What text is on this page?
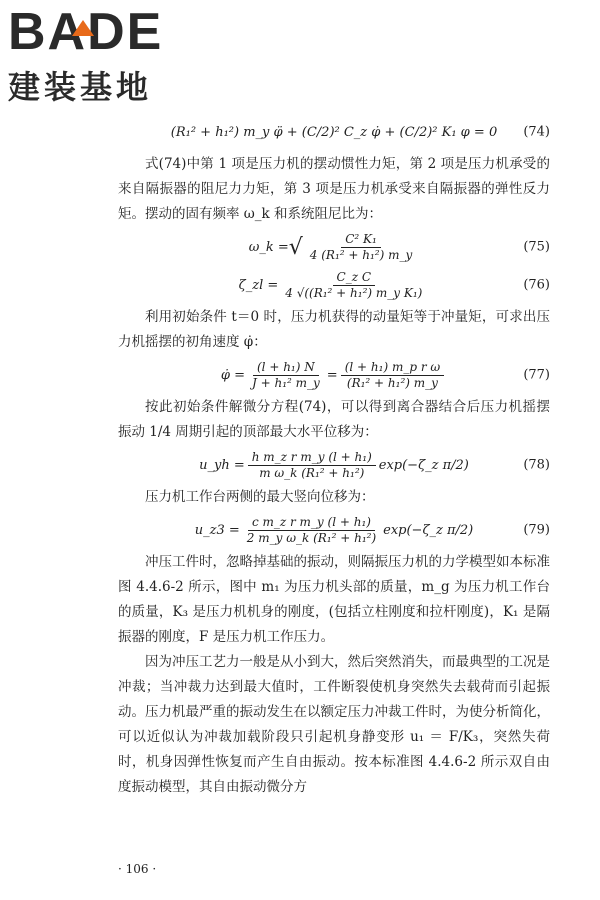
BADE
建装基地
(R₁² + h₁²) m_y φ̈ + (C/2)² C_z φ̇ + (C/2)² K₁ φ = 0 (74)

式(74)中第 1 项是压力机的摆动惯性力矩，第 2 项是压力机承受的来自隔振器的阻尼力力矩，第 3 项是压力机承受来自隔振器的弹性反力矩。摆动的固有频率 ω_k 和系统阻尼比为：

ω_k = √ $\frac{\text{C² K₁}}{\text{4 (R₁² + h₁²) m\_y}}$	(75)
ζ_zl = $\frac{\text{C\_z C}}{\text{4 √((R₁² + h₁²) m\_y K₁)}}$	(76)

利用初始条件 t＝0 时，压力机获得的动量矩等于冲量矩，可求出压力机摇摆的初角速度 φ̇：

φ̇ = $\frac{\text{(l + h₁) N}}{\text{J + h₁² m\_y}} = \frac{\text{(l + h₁) m\_p r ω}}{\text{(R₁² + h₁²) m\_y}}$	(77)

按此初始条件解微分方程(74)，可以得到离合器结合后压力机摇摆振动 1/4 周期引起的顶部最大水平位移为：

u_yh = $\frac{\text{h m\_z r m\_y (l + h₁)}}{\text{m ω\_k (R₁² + h₁²)}}$ exp(−ζ_z π/2)	(78)

压力机工作台两侧的最大竖向位移为：

u_z3 = $\frac{\text{c m\_z r m\_y (l + h₁)}}{\text{2 m\_y ω\_k (R₁² + h₁²)}}$ exp(−ζ_z π/2)	(79)

冲压工件时，忽略掉基础的振动，则隔振压力机的力学模型如本标准图 4.4.6-2 所示，图中 m₁ 为压力机头部的质量，m_g 为压力机工作台的质量，K₃ 是压力机机身的刚度，(包括立柱刚度和拉杆刚度)，K₁ 是隔振器的刚度，F 是压力机工作压力。

因为冲压工艺力一般是从小到大，然后突然消失，而最典型的工况是冲裁；当冲裁力达到最大值时，工件断裂使机身突然失去载荷而引起振动。压力机最严重的振动发生在以额定压力冲裁工件时，为使分析简化，可以近似认为冲裁加载阶段只引起机身静变形 u₁ ＝ F/K₃，突然失荷时，机身因弹性恢复而产生自由振动。按本标准图 4.4.6-2 所示双自由度振动模型，其自由振动微分方

· 106 ·
